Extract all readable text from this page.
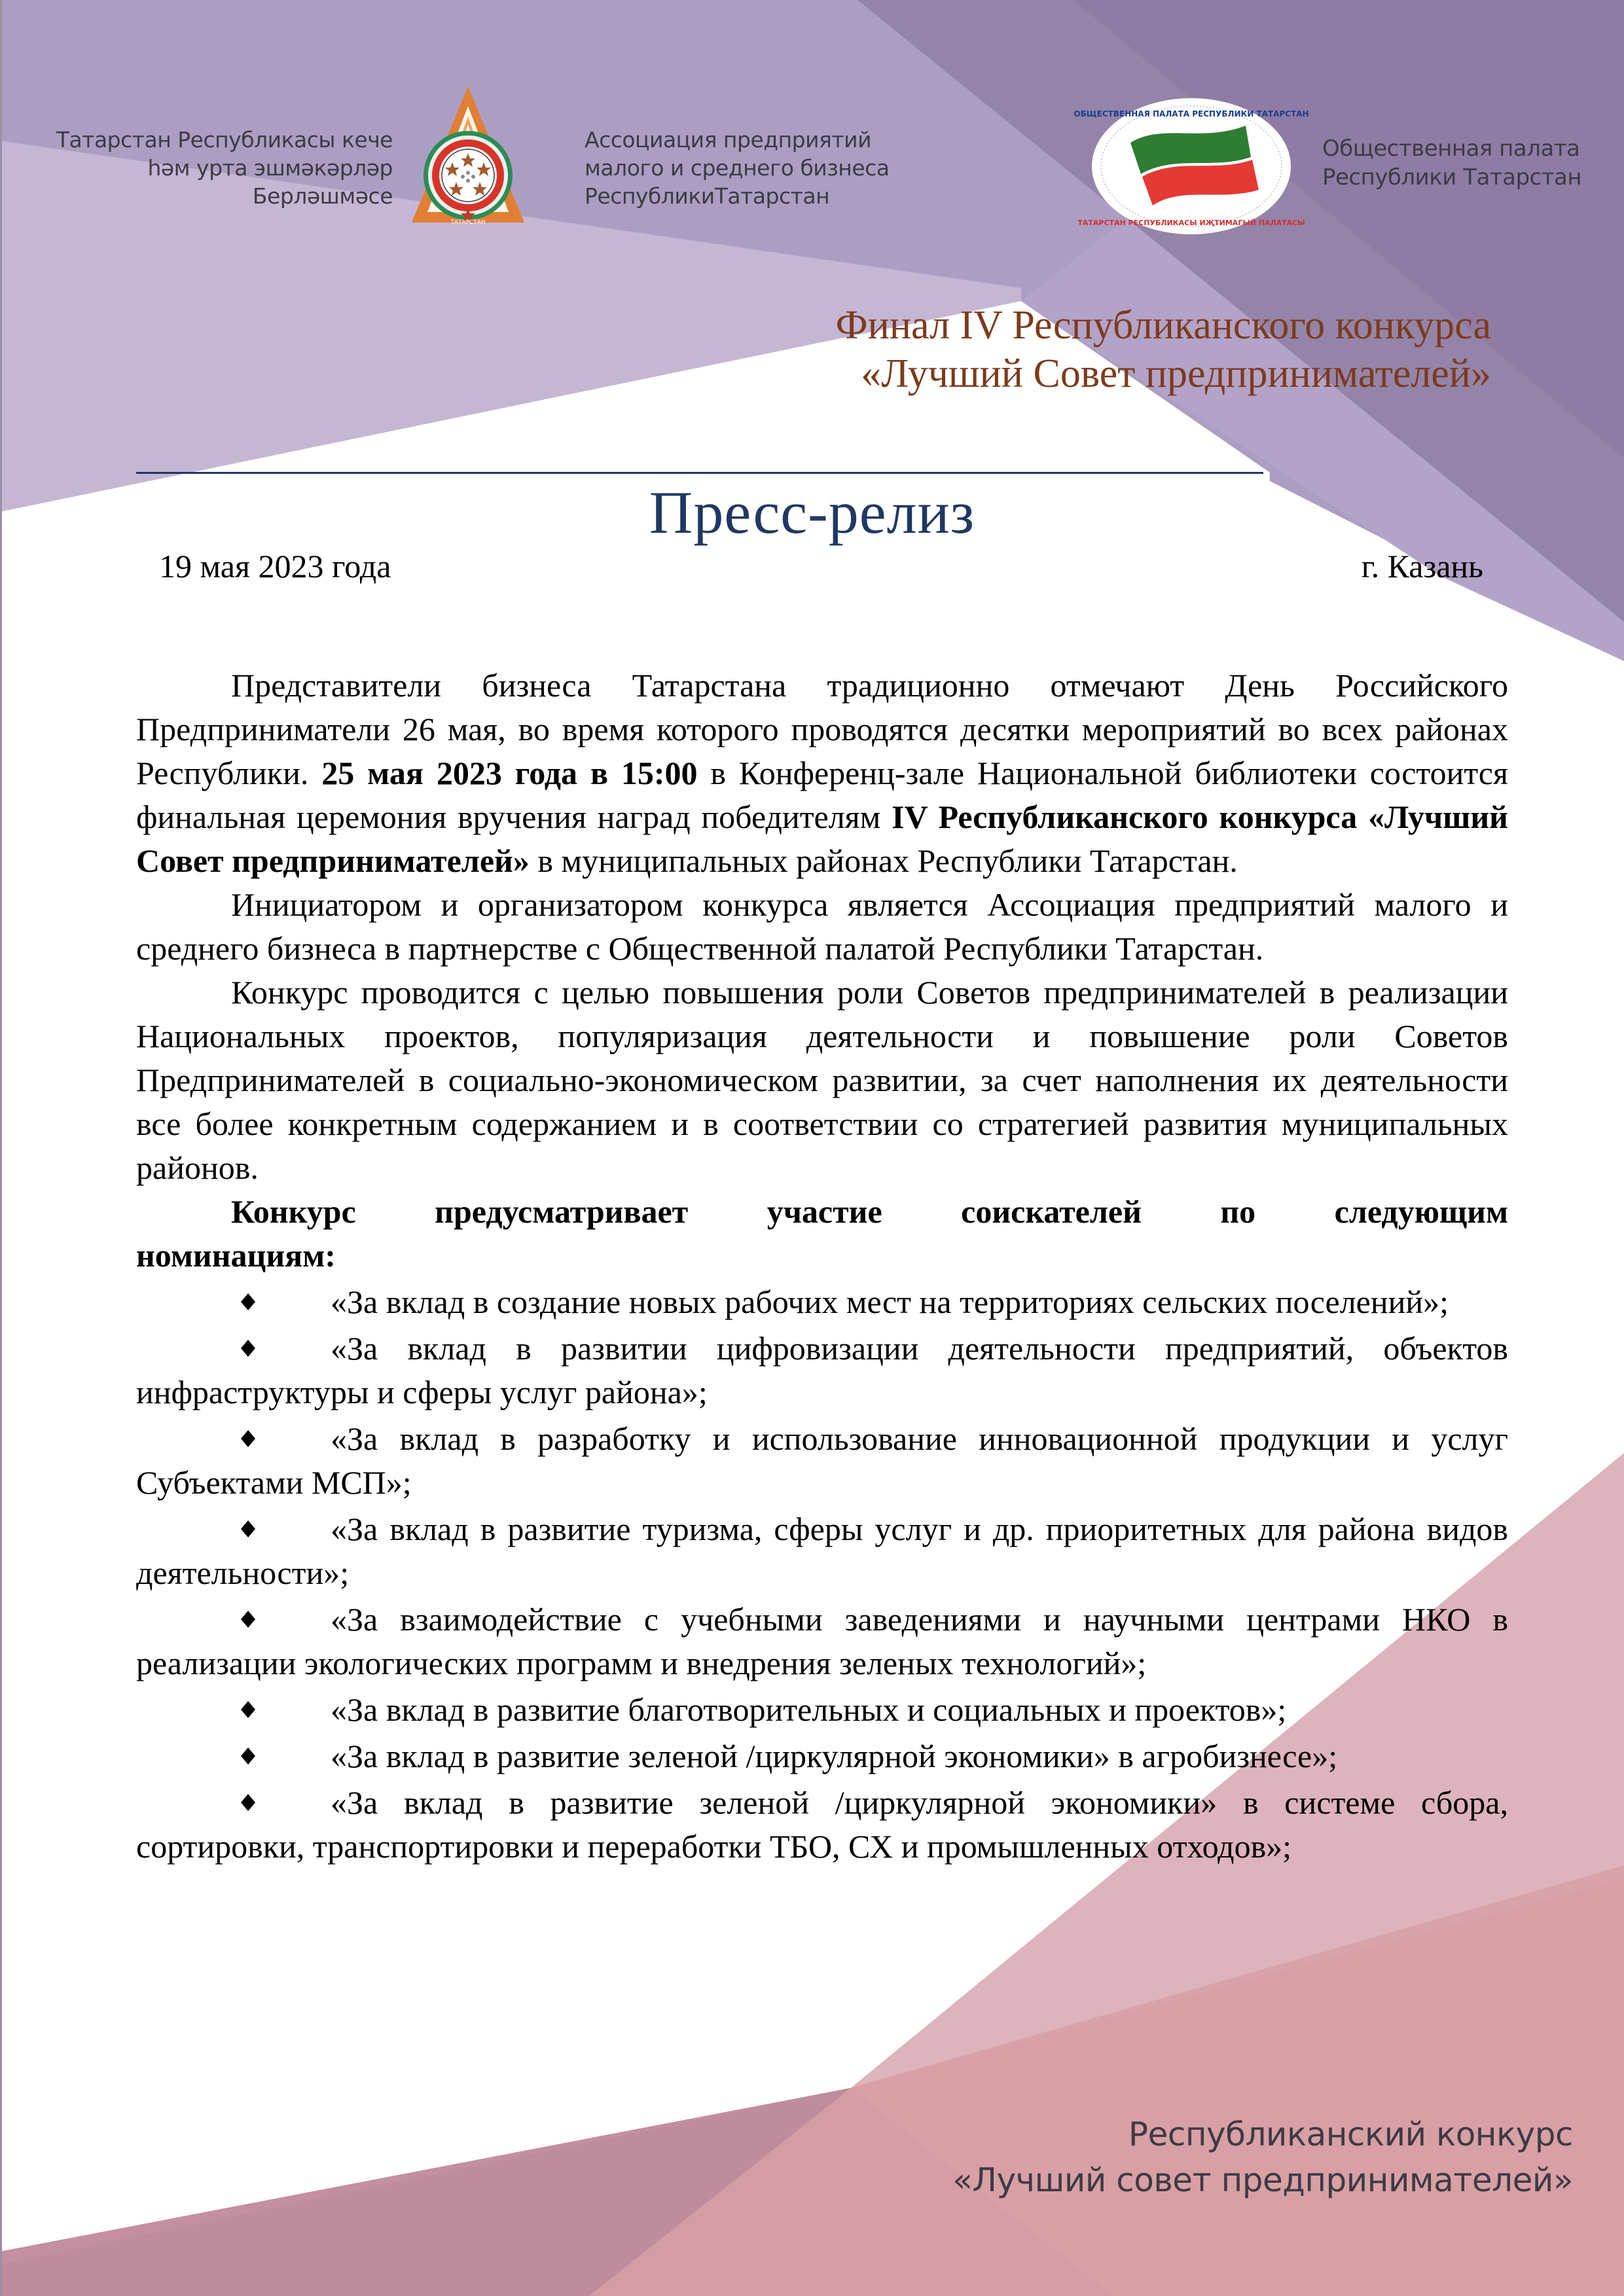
Татарстан Республикасы кече
һәм урта эшмәкәрләр
Берләшмәсе
ТАТАРСТАН
Ассоциация предприятий
малого и среднего бизнеса
РеспубликиТатарстан
ОБЩЕСТВЕННАЯ ПАЛАТА РЕСПУБЛИКИ ТАТАРСТАН
ТАТАРСТАН РЕСПУБЛИКАСЫ ИҖТИМАГЫЙ ПАЛАТАСЫ
Общественная палата
Республики Татарстан
Финал IV Республиканского конкурса
«Лучший Совет предпринимателей»
Пресс-релиз
19 мая 2023 года	г. Казань

Представители бизнеса Татарстана традиционно отмечают День Российского Предприниматели 26 мая, во время которого проводятся десятки мероприятий во всех районах Республики. 25 мая 2023 года в 15:00 в Конференц-зале Национальной библиотеки состоится финальная церемония вручения наград победителям IV Республиканского конкурса «Лучший Совет предпринимателей» в муниципальных районах Республики Татарстан.

Инициатором и организатором конкурса является Ассоциация предприятий малого и среднего бизнеса в партнерстве с Общественной палатой Республики Татарстан.

Конкурс проводится с целью повышения роли Советов предпринимателей в реализации Национальных проектов, популяризация деятельности и повышение роли Советов Предпринимателей в социально-экономическом развитии, за счет наполнения их деятельности все более конкретным содержанием и в соответствии со стратегией развития муниципальных районов.

Конкурс предусматривает участие соискателей по следующим

номинациям:

«За вклад в создание новых рабочих мест на территориях сельских поселений»;
«За вклад в развитии цифровизации деятельности предприятий, объектов инфраструктуры и сферы услуг района»;
«За вклад в разработку и использование инновационной продукции и услуг Субъектами МСП»;
«За вклад в развитие туризма, сферы услуг и др. приоритетных для района видов деятельности»;
«За взаимодействие с учебными заведениями и научными центрами НКО в реализации экологических программ и внедрения зеленых технологий»;
«За вклад в развитие благотворительных и социальных и проектов»;
«За вклад в развитие зеленой /циркулярной экономики» в агробизнесе»;
«За вклад в развитие зеленой /циркулярной экономики» в системе сбора, сортировки, транспортировки и переработки ТБО, СХ и промышленных отходов»;
Республиканский конкурс
«Лучший совет предпринимателей»
